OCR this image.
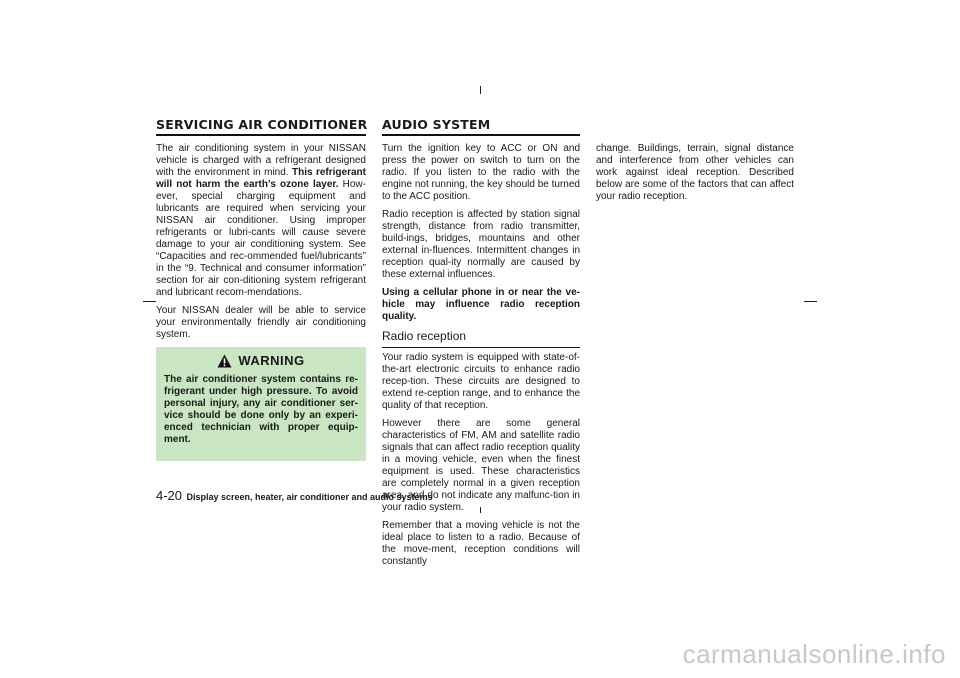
SERVICING AIR CONDITIONER

The air conditioning system in your NISSAN vehicle is charged with a refrigerant designed with the environment in mind. This refrigerant will not harm the earth’s ozone layer. How-ever, special charging equipment and lubricants are required when servicing your NISSAN air conditioner. Using improper refrigerants or lubri-cants will cause severe damage to your air conditioning system. See “Capacities and rec-ommended fuel/lubricants” in the “9. Technical and consumer information” section for air con-ditioning system refrigerant and lubricant recom-mendations.

Your NISSAN dealer will be able to service your environmentally friendly air conditioning system.

WARNING

The air conditioner system contains re-frigerant under high pressure. To avoid personal injury, any air conditioner ser-vice should be done only by an experi-enced technician with proper equip-ment.

AUDIO SYSTEM

Turn the ignition key to ACC or ON and press the power on switch to turn on the radio. If you listen to the radio with the engine not running, the key should be turned to the ACC position.

Radio reception is affected by station signal strength, distance from radio transmitter, build-ings, bridges, mountains and other external in-fluences. Intermittent changes in reception qual-ity normally are caused by these external influences.

Using a cellular phone in or near the ve-hicle may influence radio reception quality.

Radio reception

Your radio system is equipped with state-of-the-art electronic circuits to enhance radio recep-tion. These circuits are designed to extend re-ception range, and to enhance the quality of that reception.

However there are some general characteristics of FM, AM and satellite radio signals that can affect radio reception quality in a moving vehicle, even when the finest equipment is used. These characteristics are completely normal in a given reception area, and do not indicate any malfunc-tion in your radio system.

Remember that a moving vehicle is not the ideal place to listen to a radio. Because of the move-ment, reception conditions will constantly

change. Buildings, terrain, signal distance and interference from other vehicles can work against ideal reception. Described below are some of the factors that can affect your radio reception.

4-20 Display screen, heater, air conditioner and audio systems
carmanualsonline.info
